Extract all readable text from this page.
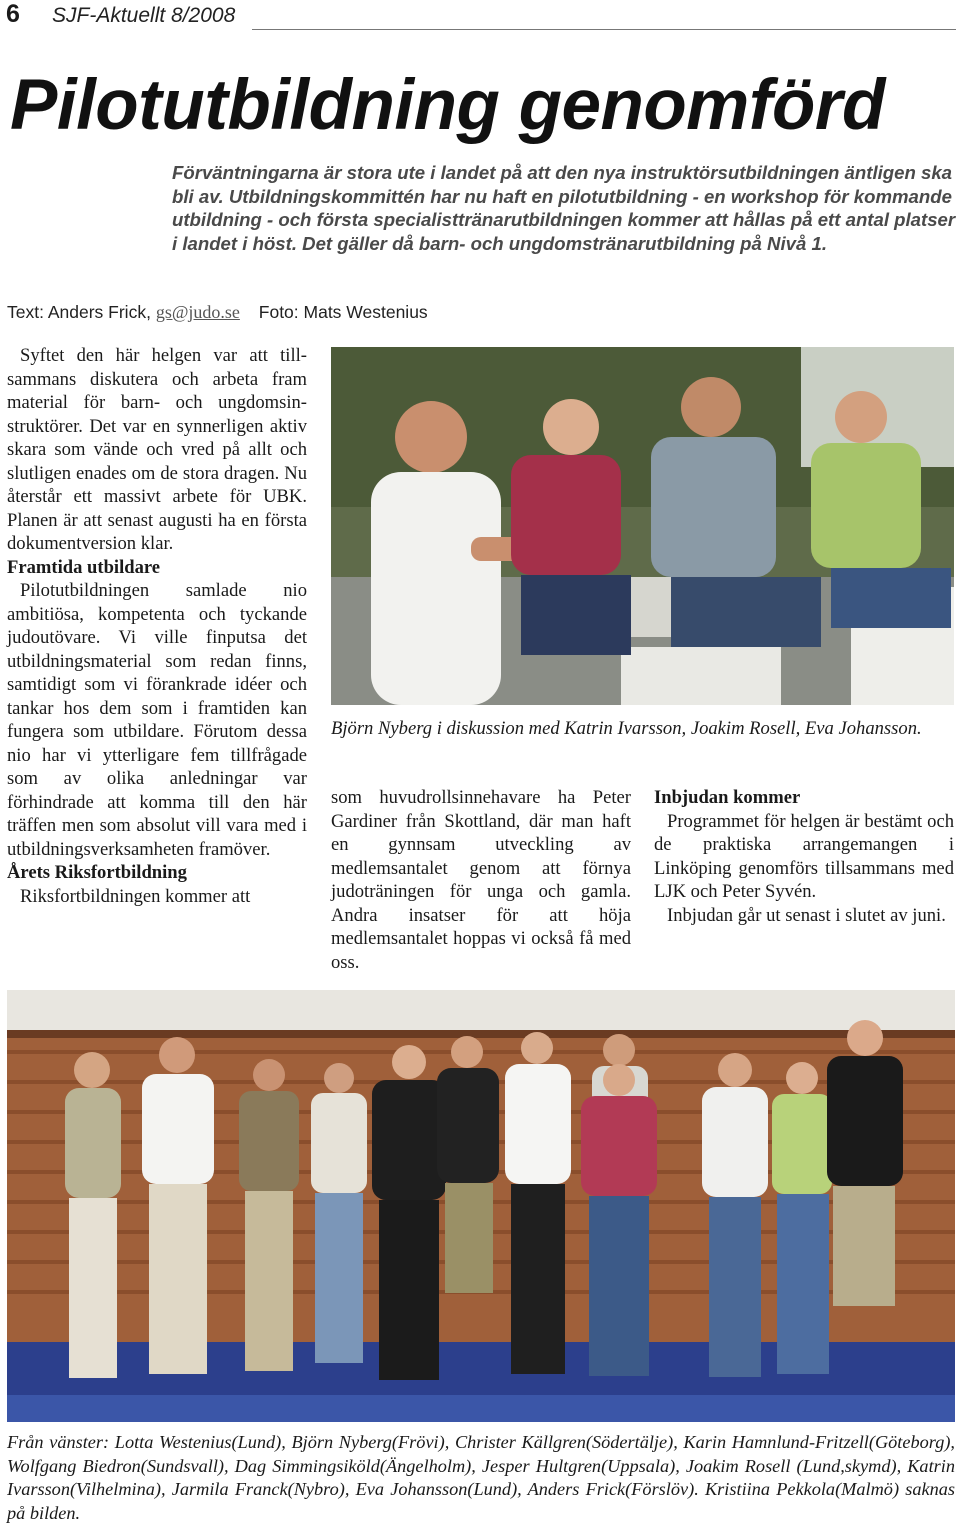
6 SJF-Aktuellt 8/2008
Pilotutbildning genomförd
Förväntningarna är stora ute i landet på att den nya instruktörsutbildningen äntligen ska bli av. Utbildningskommittén har nu haft en pilotutbildning - en workshop för kommande utbildning - och första specialisttränarutbildningen kommer att hållas på ett antal platser i landet i höst. Det gäller då barn- och ungdomstränarutbildning på Nivå 1.
Text: Anders Frick, gs@judo.se Foto: Mats Westenius

Syftet den här helgen var att tillsammans diskutera och arbeta fram material för barn- och ungdomsinstruktörer. Det var en synnerligen aktiv skara som vände och vred på allt och slutligen enades om de stora dragen. Nu återstår ett massivt arbete för UBK. Planen är att senast augusti ha en första dokumentversion klar.

Framtida utbildare

Pilotutbildningen samlade nio ambitiösa, kompetenta och tyckande judoutövare. Vi ville finputsa det utbildningsmaterial som redan finns, samtidigt som vi förankrade idéer och tankar hos dem som i framtiden kan fungera som utbildare. Förutom dessa nio har vi ytterligare fem tillfrågade som av olika anledningar var förhindrade att komma till den här träffen men som absolut vill vara med i utbildningsverksamheten framöver.

Årets Riksfortbildning

Riksfortbildningen kommer att

Björn Nyberg i diskussion med Katrin Ivarsson, Joakim Rosell, Eva Johansson.

som huvudrollsinnehavare ha Peter Gardiner från Skottland, där man haft en gynnsam utveckling av medlemsantalet genom att förnya judoträningen för unga och gamla. Andra insatser för att höja medlemsantalet hoppas vi också få med oss.

Inbjudan kommer

Programmet för helgen är bestämt och de praktiska arrangemangen i Linköping genomförs tillsammans med LJK och Peter Syvén.

Inbjudan går ut senast i slutet av juni.

Från vänster: Lotta Westenius(Lund), Björn Nyberg(Frövi), Christer Källgren(Södertälje), Karin Hamnlund-Fritzell(Göteborg), Wolfgang Biedron(Sundsvall), Dag Simmingsiköld(Ängelholm), Jesper Hultgren(Uppsala), Joakim Rosell (Lund,skymd), Katrin Ivarsson(Vilhelmina), Jarmila Franck(Nybro), Eva Johansson(Lund), Anders Frick(Förslöv). Kristiina Pekkola(Malmö) saknas på bilden.
